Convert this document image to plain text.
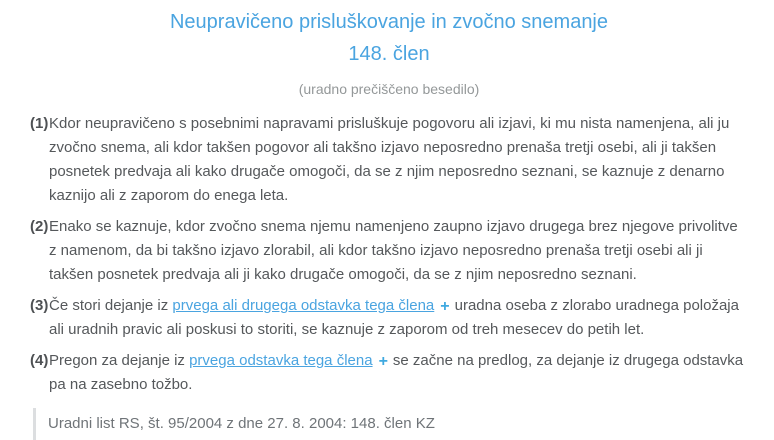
Neupravičeno prisluškovanje in zvočno snemanje
148. člen
(uradno prečiščeno besedilo)
(1) Kdor neupravičeno s posebnimi napravami prisluškuje pogovoru ali izjavi, ki mu nista namenjena, ali ju zvočno snema, ali kdor takšen pogovor ali takšno izjavo neposredno prenaša tretji osebi, ali ji takšen posnetek predvaja ali kako drugače omogoči, da se z njim neposredno seznani, se kaznuje z denarno kaznijo ali z zaporom do enega leta.
(2) Enako se kaznuje, kdor zvočno snema njemu namenjeno zaupno izjavo drugega brez njegove privolitve z namenom, da bi takšno izjavo zlorabil, ali kdor takšno izjavo neposredno prenaša tretji osebi ali ji takšen posnetek predvaja ali ji kako drugače omogoči, da se z njim neposredno seznani.
(3) Če stori dejanje iz prvega ali drugega odstavka tega člena + uradna oseba z zlorabo uradnega položaja ali uradnih pravic ali poskusi to storiti, se kaznuje z zaporom od treh mesecev do petih let.
(4) Pregon za dejanje iz prvega odstavka tega člena + se začne na predlog, za dejanje iz drugega odstavka pa na zasebno tožbo.
Uradni list RS, št. 95/2004 z dne 27. 8. 2004: 148. člen KZ
